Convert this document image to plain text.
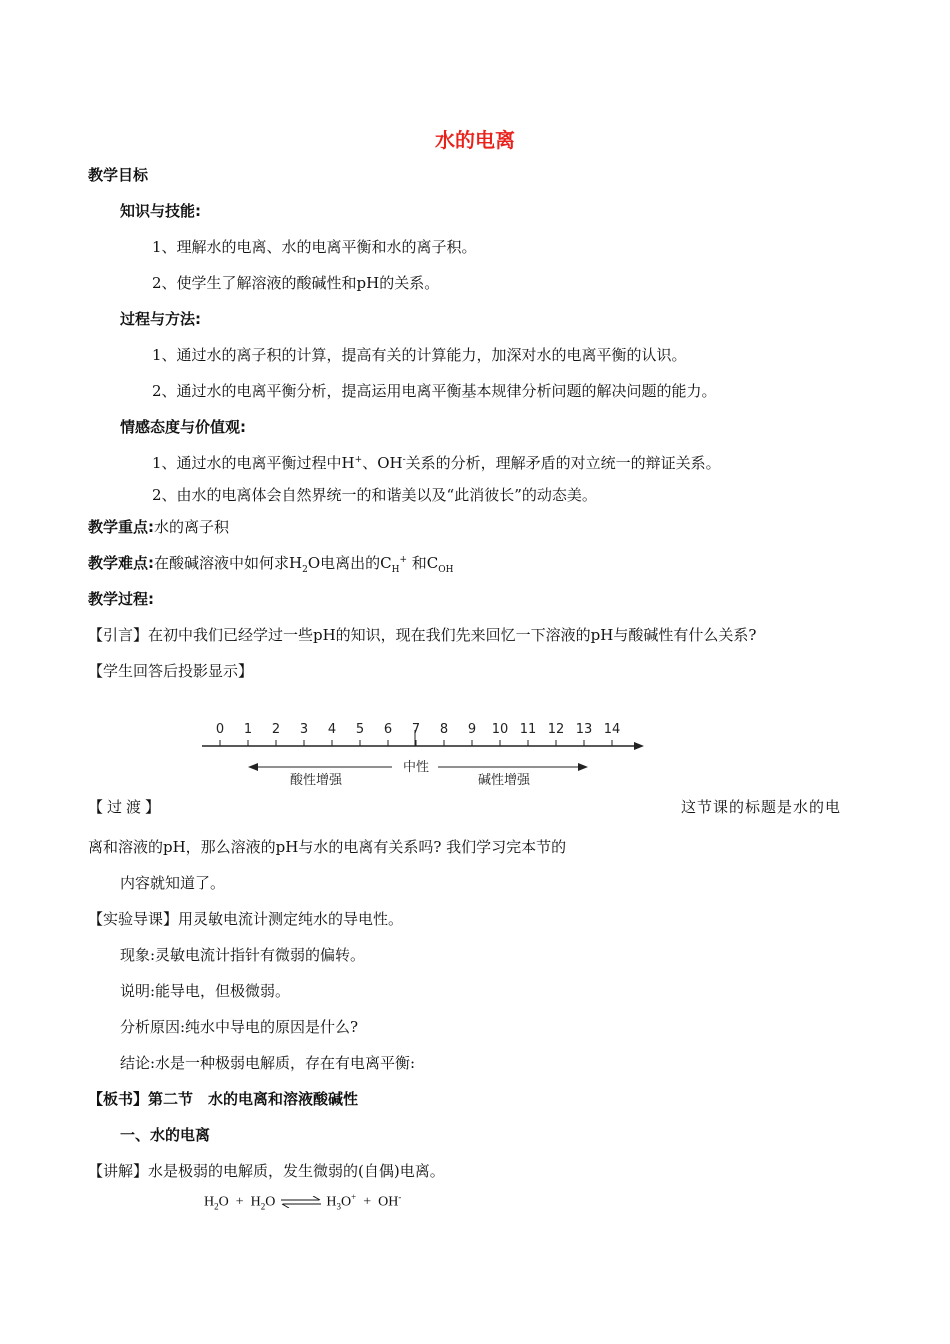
水的电离
教学目标
知识与技能:
1、理解水的电离、水的电离平衡和水的离子积。
2、使学生了解溶液的酸碱性和pH的关系。
过程与方法:
1、通过水的离子积的计算，提高有关的计算能力，加深对水的电离平衡的认识。
2、通过水的电离平衡分析，提高运用电离平衡基本规律分析问题的解决问题的能力。
情感态度与价值观:
1、通过水的电离平衡过程中H+、OH-关系的分析，理解矛盾的对立统一的辩证关系。
2、由水的电离体会自然界统一的和谐美以及“此消彼长”的动态美。
教学重点:水的离子积
教学难点:在酸碱溶液中如何求$H_2O$电离出的$C_H^+$ 和$C_{OH}$
教学过程:
【引言】在初中我们已经学过一些pH的知识，现在我们先来回忆一下溶液的pH与酸碱性有什么关系?
【学生回答后投影显示】
0 1 2 3 4 5 6 7 8 9 10 11 12 13 14
中性
酸性增强	碱性增强
【过渡】	这节课的标题是水的电
离和溶液的pH，那么溶液的pH与水的电离有关系吗? 我们学习完本节的
内容就知道了。
【实验导课】用灵敏电流计测定纯水的导电性。
现象:灵敏电流计指针有微弱的偏转。
说明:能导电，但极微弱。
分析原因:纯水中导电的原因是什么?
结论:水是一种极弱电解质，存在有电离平衡:
【板书】第二节　水的电离和溶液酸碱性
一、水的电离
【讲解】水是极弱的电解质，发生微弱的(自偶)电离。
$H_2O + H_2O$ ⇌ $H_3O^+ + OH^-$
